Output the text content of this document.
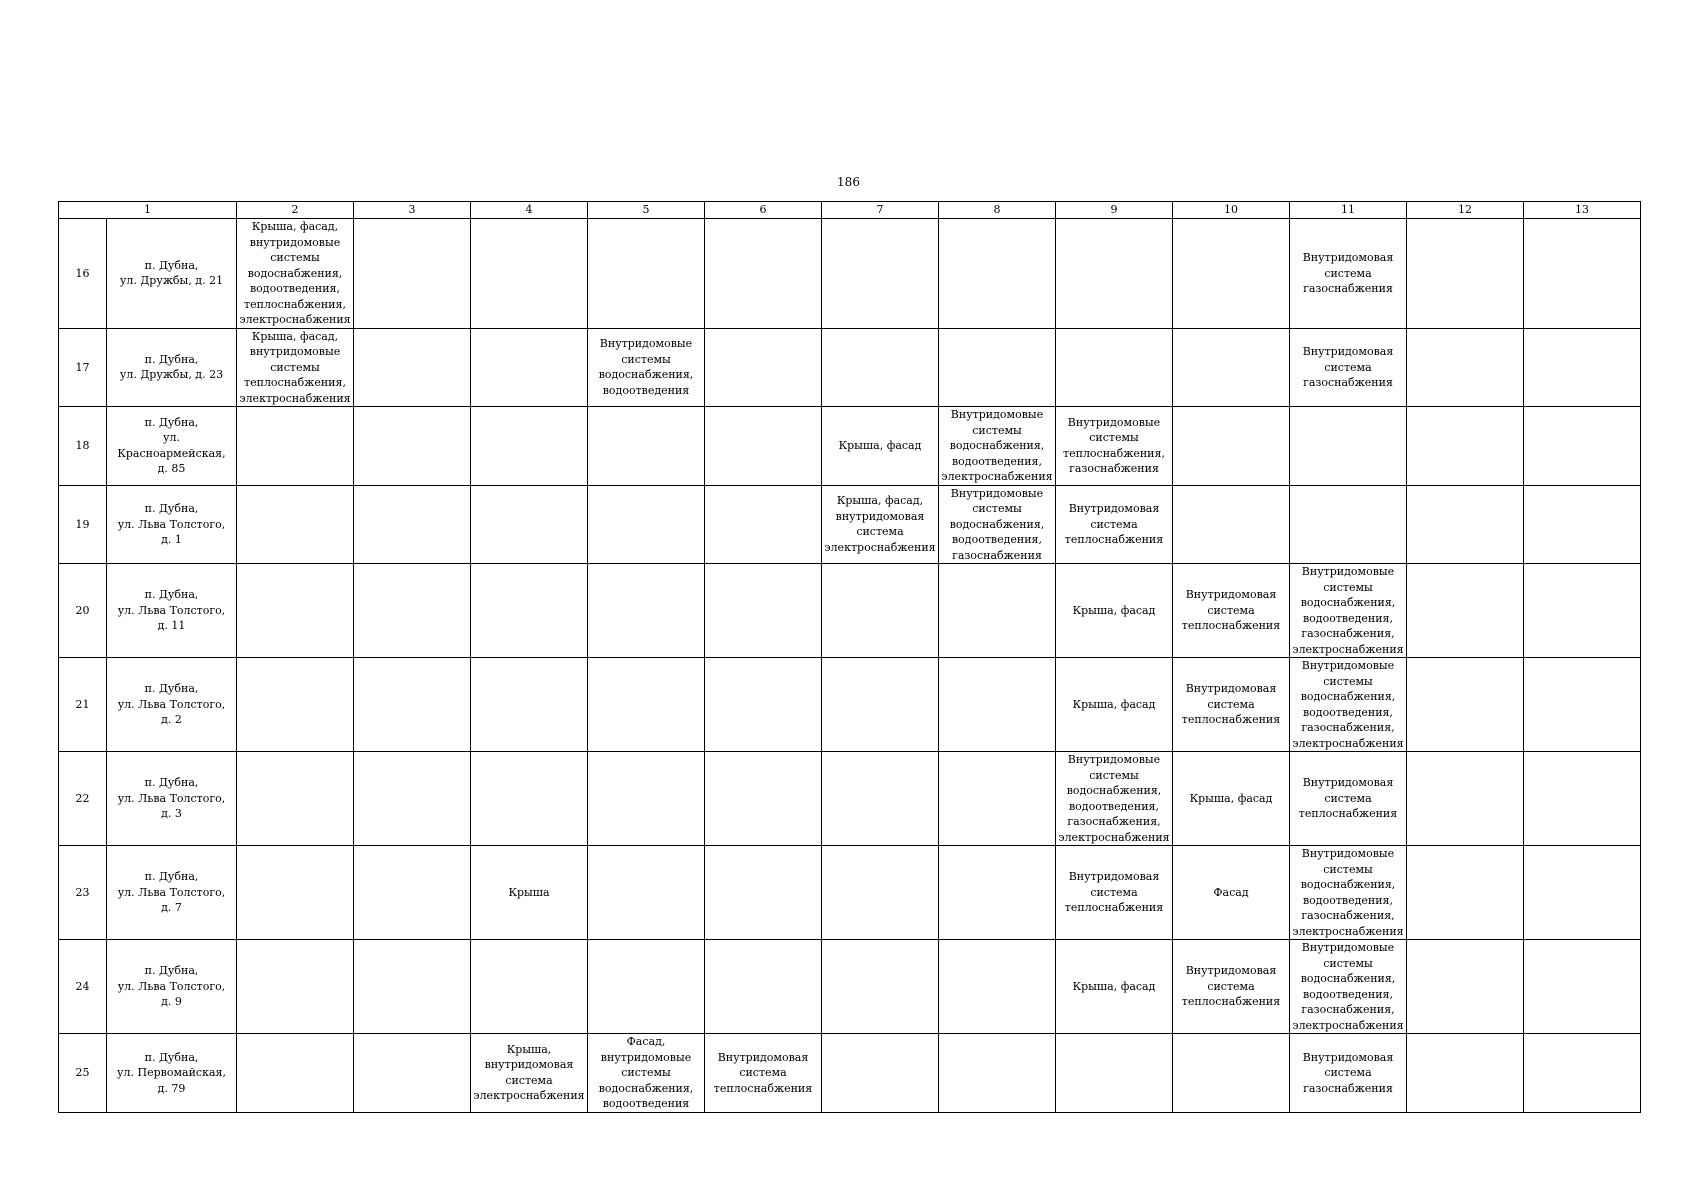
186
1		2	3	4	5	6	7	8	9	10	11	12	13
16	п. Дубна,
ул. Дружбы, д. 21	Крыша, фасад, внутридомовые системы водоснабжения, водоотведения, теплоснабжения, электроснабжения									Внутридомовая система газоснабжения		
17	п. Дубна,
ул. Дружбы, д. 23	Крыша, фасад, внутридомовые системы теплоснабжения, электроснабжения			Внутридомовые системы водоснабжения, водоотведения						Внутридомовая система газоснабжения		
18	п. Дубна,
ул. Красноармейская,
д. 85						Крыша, фасад	Внутридомовые системы водоснабжения, водоотведения, электроснабжения	Внутридомовые системы теплоснабжения, газоснабжения				
19	п. Дубна,
ул. Льва Толстого,
д. 1						Крыша, фасад, внутридомовая система электроснабжения	Внутридомовые системы водоснабжения, водоотведения, газоснабжения	Внутридомовая система теплоснабжения				
20	п. Дубна,
ул. Льва Толстого,
д. 11								Крыша, фасад	Внутридомовая система теплоснабжения	Внутридомовые системы водоснабжения, водоотведения, газоснабжения, электроснабжения		
21	п. Дубна,
ул. Льва Толстого,
д. 2								Крыша, фасад	Внутридомовая система теплоснабжения	Внутридомовые системы водоснабжения, водоотведения, газоснабжения, электроснабжения		
22	п. Дубна,
ул. Льва Толстого,
д. 3								Внутридомовые системы водоснабжения, водоотведения, газоснабжения, электроснабжения	Крыша, фасад	Внутридомовая система теплоснабжения		
23	п. Дубна,
ул. Льва Толстого,
д. 7			Крыша					Внутридомовая система теплоснабжения	Фасад	Внутридомовые системы водоснабжения, водоотведения, газоснабжения, электроснабжения		
24	п. Дубна,
ул. Льва Толстого,
д. 9								Крыша, фасад	Внутридомовая система теплоснабжения	Внутридомовые системы водоснабжения, водоотведения, газоснабжения, электроснабжения		
25	п. Дубна,
ул. Первомайская,
д. 79			Крыша, внутридомовая система электроснабжения	Фасад, внутридомовые системы водоснабжения, водоотведения	Внутридомовая система теплоснабжения					Внутридомовая система газоснабжения		
